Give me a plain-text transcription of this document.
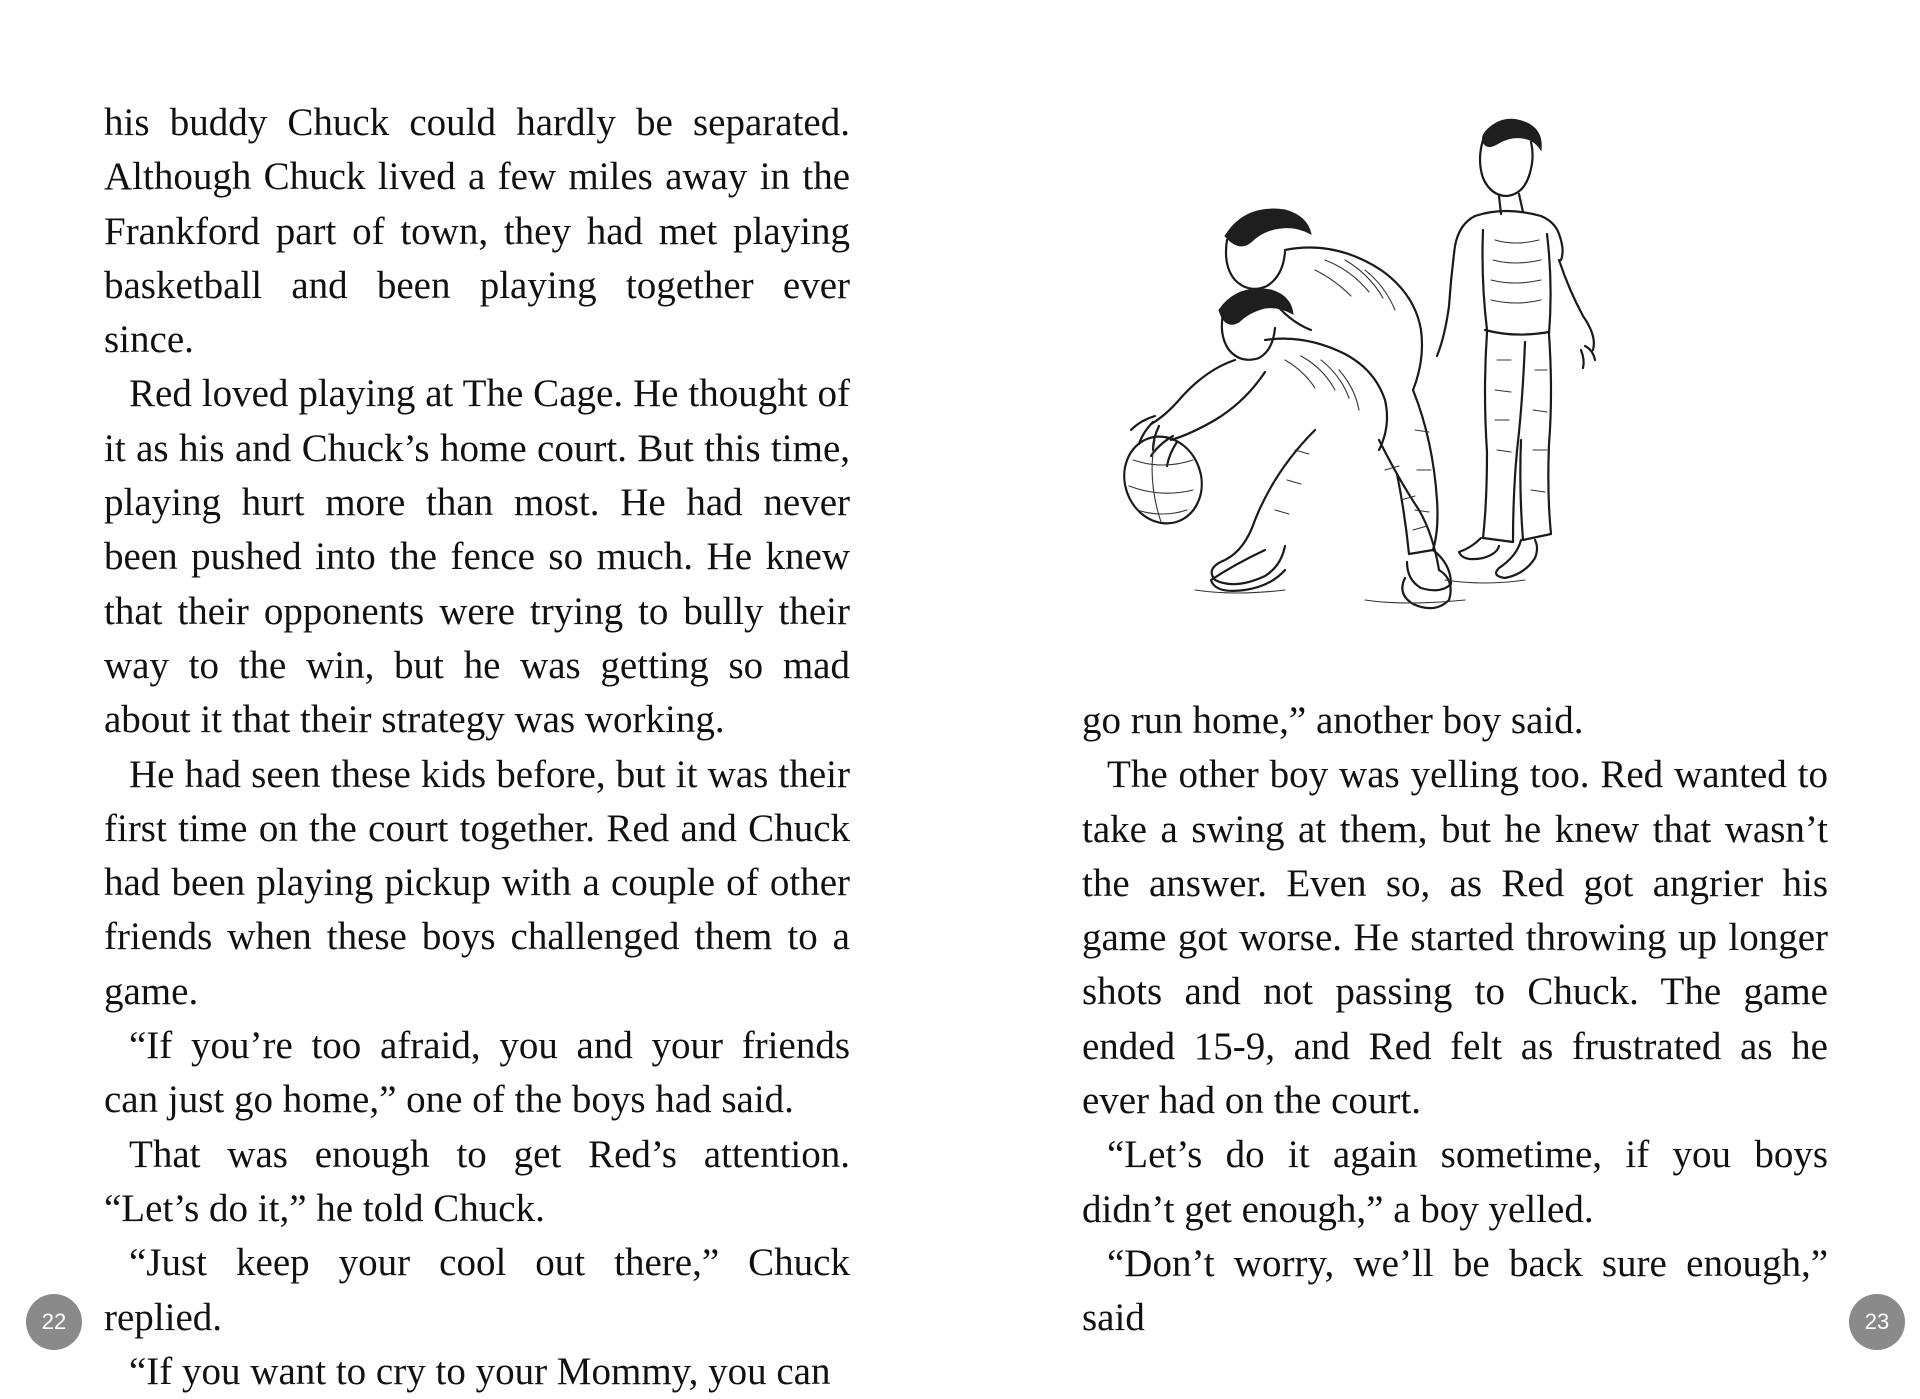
his buddy Chuck could hardly be separated. Although Chuck lived a few miles away in the Frankford part of town, they had met playing basketball and been playing together ever since.

Red loved playing at The Cage. He thought of it as his and Chuck’s home court. But this time, playing hurt more than most. He had never been pushed into the fence so much. He knew that their opponents were trying to bully their way to the win, but he was getting so mad about it that their strategy was working.

He had seen these kids before, but it was their first time on the court together. Red and Chuck had been playing pickup with a couple of other friends when these boys challenged them to a game.

“If you’re too afraid, you and your friends can just go home,” one of the boys had said.

That was enough to get Red’s attention. “Let’s do it,” he told Chuck.

“Just keep your cool out there,” Chuck replied.

“If you want to cry to your Mommy, you can

22

go run home,” another boy said.

The other boy was yelling too. Red wanted to take a swing at them, but he knew that wasn’t the answer. Even so, as Red got angrier his game got worse. He started throwing up longer shots and not passing to Chuck. The game ended 15-9, and Red felt as frustrated as he ever had on the court.

“Let’s do it again sometime, if you boys didn’t get enough,” a boy yelled.

“Don’t worry, we’ll be back sure enough,” said	23
